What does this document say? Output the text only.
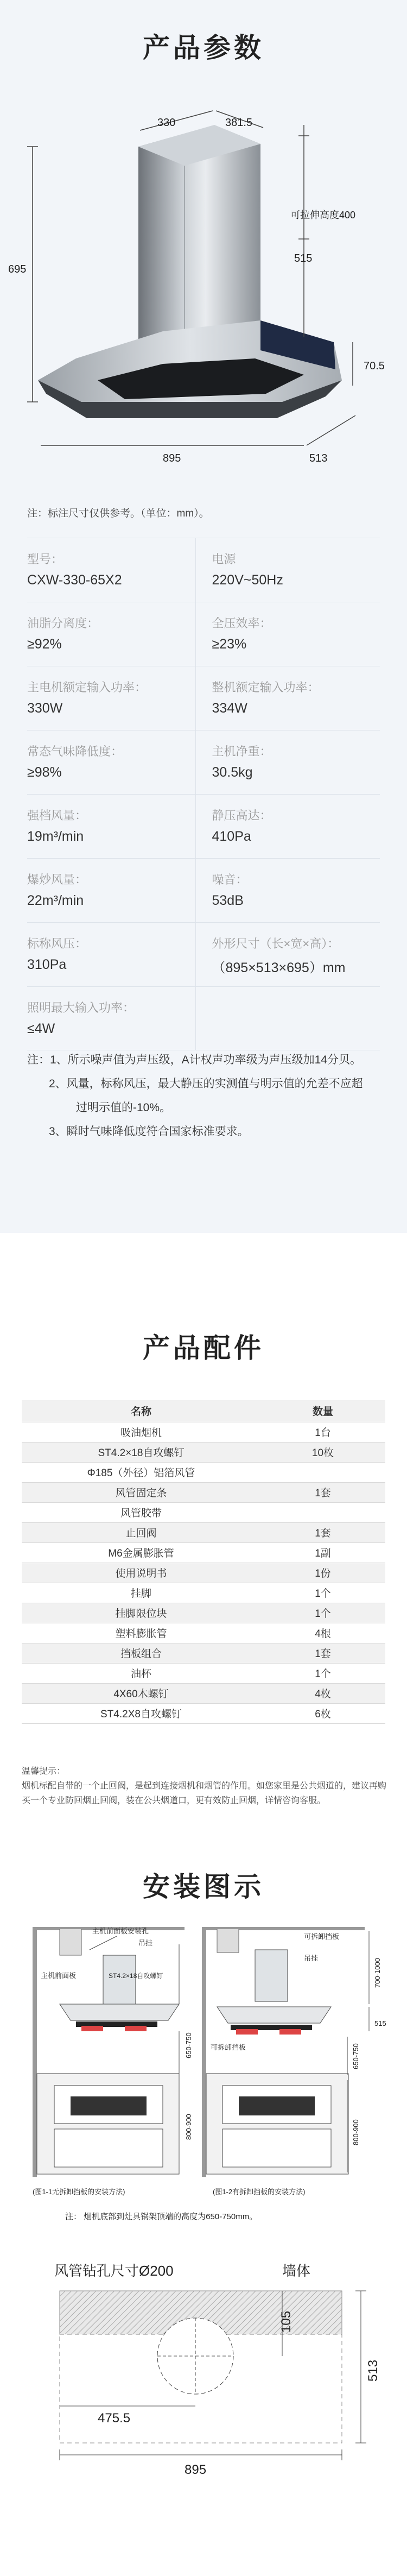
产品参数
330	381.5
可拉伸高度400
695
515
70.5
895	513
注：标注尺寸仅供参考。（单位：mm）。
型号：
CXW-330-65X2
电源
220V~50Hz
油脂分离度：
≥92%
全压效率：
≥23%
主电机额定输入功率：
330W
整机额定输入功率：
334W
常态气味降低度：
≥98%
主机净重：
30.5kg
强档风量：
19m³/min
静压高达：
410Pa
爆炒风量：
22m³/min
噪音：
53dB
标称风压：
310Pa
外形尺寸（长×宽×高）：
（895×513×695）mm
照明最大输入功率：
≤4W
注：1、所示噪声值为声压级，A计权声功率级为声压级加14分贝。
2、风量，标称风压，最大静压的实测值与明示值的允差不应超
过明示值的-10%。
3、瞬时气味降低度符合国家标准要求。
产品配件
名称	数量
吸油烟机	1台
ST4.2×18自攻螺钉	10枚
Φ185（外径）铝箔风管	
风管固定条	1套
风管胶带	
止回阀	1套
M6金属膨胀管	1副
使用说明书	1份
挂脚	1个
挂脚限位块	1个
塑料膨胀管	4根
挡板组合	1套
油杯	1个
4X60木螺钉	4枚
ST4.2X8自攻螺钉	6枚
温馨提示：
烟机标配自带的一个止回阀，是起到连接烟机和烟管的作用。如您家里是公共烟道的，建议再购买一个专业防回烟止回阀，装在公共烟道口，更有效防止回烟，详情咨询客服。
安装图示
主机前面板安装孔
吊挂
主机前面板	ST4.2×18自攻螺钉
650-750
800-900
(图1-1无拆卸挡板的安装方法)
可拆卸挡板
吊挂
可拆卸挡板
700-1000
515
650-750
800-900
(图1-2有拆卸挡板的安装方法)
注： 烟机底部到灶具锅架顶端的高度为650-750mm。
风管钻孔尺寸Ø200	墙体
105
513
475.5
895
